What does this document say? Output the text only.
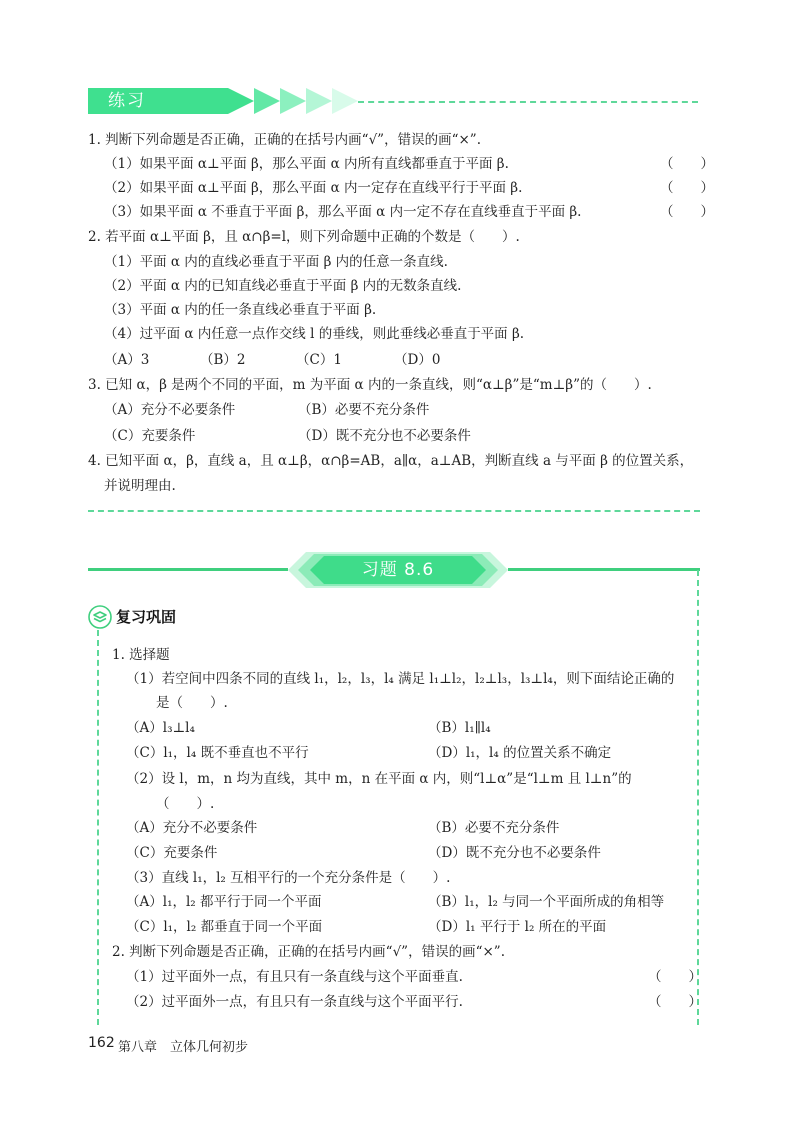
练习
1. 判断下列命题是否正确，正确的在括号内画“√”，错误的画“×”.
（1）如果平面 α⊥平面 β，那么平面 α 内所有直线都垂直于平面 β.	（　　）
（2）如果平面 α⊥平面 β，那么平面 α 内一定存在直线平行于平面 β.	（　　）
（3）如果平面 α 不垂直于平面 β，那么平面 α 内一定不存在直线垂直于平面 β.	（　　）
2. 若平面 α⊥平面 β，且 α∩β=l，则下列命题中正确的个数是（　　）.
（1）平面 α 内的直线必垂直于平面 β 内的任意一条直线.
（2）平面 α 内的已知直线必垂直于平面 β 内的无数条直线.
（3）平面 α 内的任一条直线必垂直于平面 β.
（4）过平面 α 内任意一点作交线 l 的垂线，则此垂线必垂直于平面 β.
（A）3	（B）2	（C）1	（D）0
3. 已知 α，β 是两个不同的平面，m 为平面 α 内的一条直线，则“α⊥β”是“m⊥β”的（　　）.
（A）充分不必要条件	（B）必要不充分条件
（C）充要条件	（D）既不充分也不必要条件
4. 已知平面 α，β，直线 a，且 α⊥β，α∩β=AB，a∥α，a⊥AB，判断直线 a 与平面 β 的位置关系，
并说明理由.
习题 8.6
复习巩固
1. 选择题
（1）若空间中四条不同的直线 l₁，l₂，l₃，l₄ 满足 l₁⊥l₂，l₂⊥l₃，l₃⊥l₄，则下面结论正确的
是（　　）.
（A）l₃⊥l₄	（B）l₁∥l₄
（C）l₁，l₄ 既不垂直也不平行	（D）l₁，l₄ 的位置关系不确定
（2）设 l，m，n 均为直线，其中 m，n 在平面 α 内，则“l⊥α”是“l⊥m 且 l⊥n”的
（　　）.
（A）充分不必要条件	（B）必要不充分条件
（C）充要条件	（D）既不充分也不必要条件
（3）直线 l₁，l₂ 互相平行的一个充分条件是（　　）.
（A）l₁，l₂ 都平行于同一个平面	（B）l₁，l₂ 与同一个平面所成的角相等
（C）l₁，l₂ 都垂直于同一个平面	（D）l₁ 平行于 l₂ 所在的平面
2. 判断下列命题是否正确，正确的在括号内画“√”，错误的画“×”.
（1）过平面外一点，有且只有一条直线与这个平面垂直.	（　　）
（2）过平面外一点，有且只有一条直线与这个平面平行.	（　　）
162 第八章　立体几何初步
